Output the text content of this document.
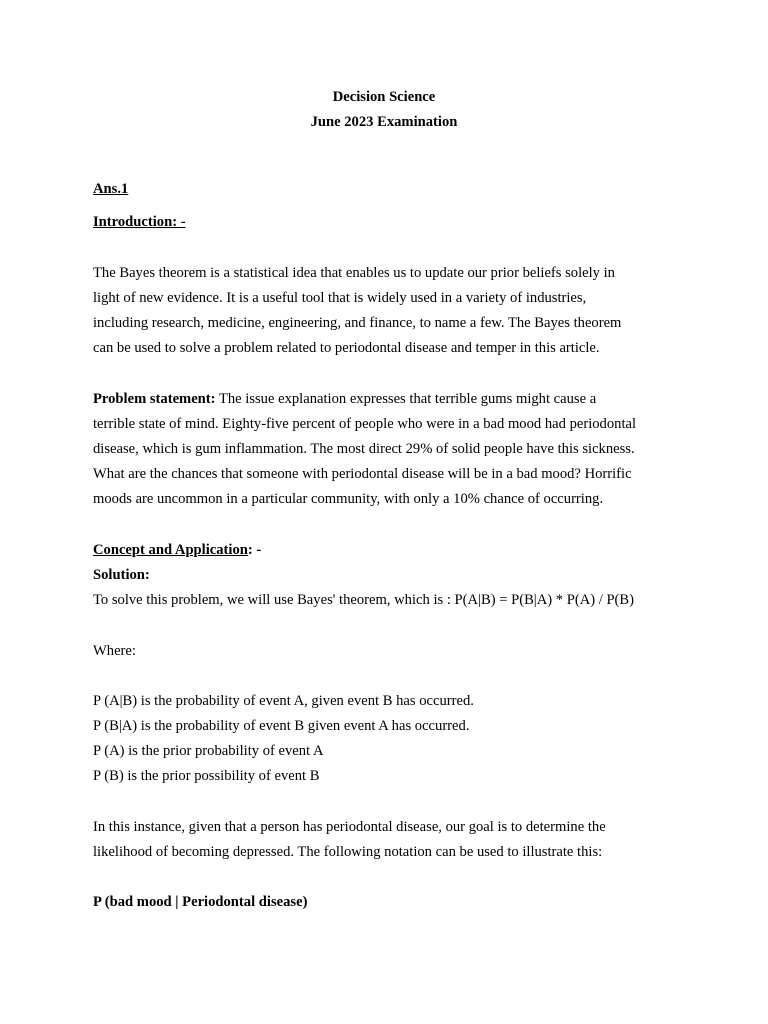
Decision Science
June 2023 Examination
Ans.1
Introduction: -
The Bayes theorem is a statistical idea that enables us to update our prior beliefs solely in
light of new evidence. It is a useful tool that is widely used in a variety of industries,
including research, medicine, engineering, and finance, to name a few. The Bayes theorem
can be used to solve a problem related to periodontal disease and temper in this article.
Problem statement: The issue explanation expresses that terrible gums might cause a
terrible state of mind. Eighty-five percent of people who were in a bad mood had periodontal
disease, which is gum inflammation. The most direct 29% of solid people have this sickness.
What are the chances that someone with periodontal disease will be in a bad mood? Horrific
moods are uncommon in a particular community, with only a 10% chance of occurring.
Concept and Application: -
Solution:
To solve this problem, we will use Bayes' theorem, which is : P(A|B) = P(B|A) * P(A) / P(B)
Where:
P (A|B) is the probability of event A, given event B has occurred.
P (B|A) is the probability of event B given event A has occurred.
P (A) is the prior probability of event A
P (B) is the prior possibility of event B
In this instance, given that a person has periodontal disease, our goal is to determine the
likelihood of becoming depressed. The following notation can be used to illustrate this:
P (bad mood | Periodontal disease)
